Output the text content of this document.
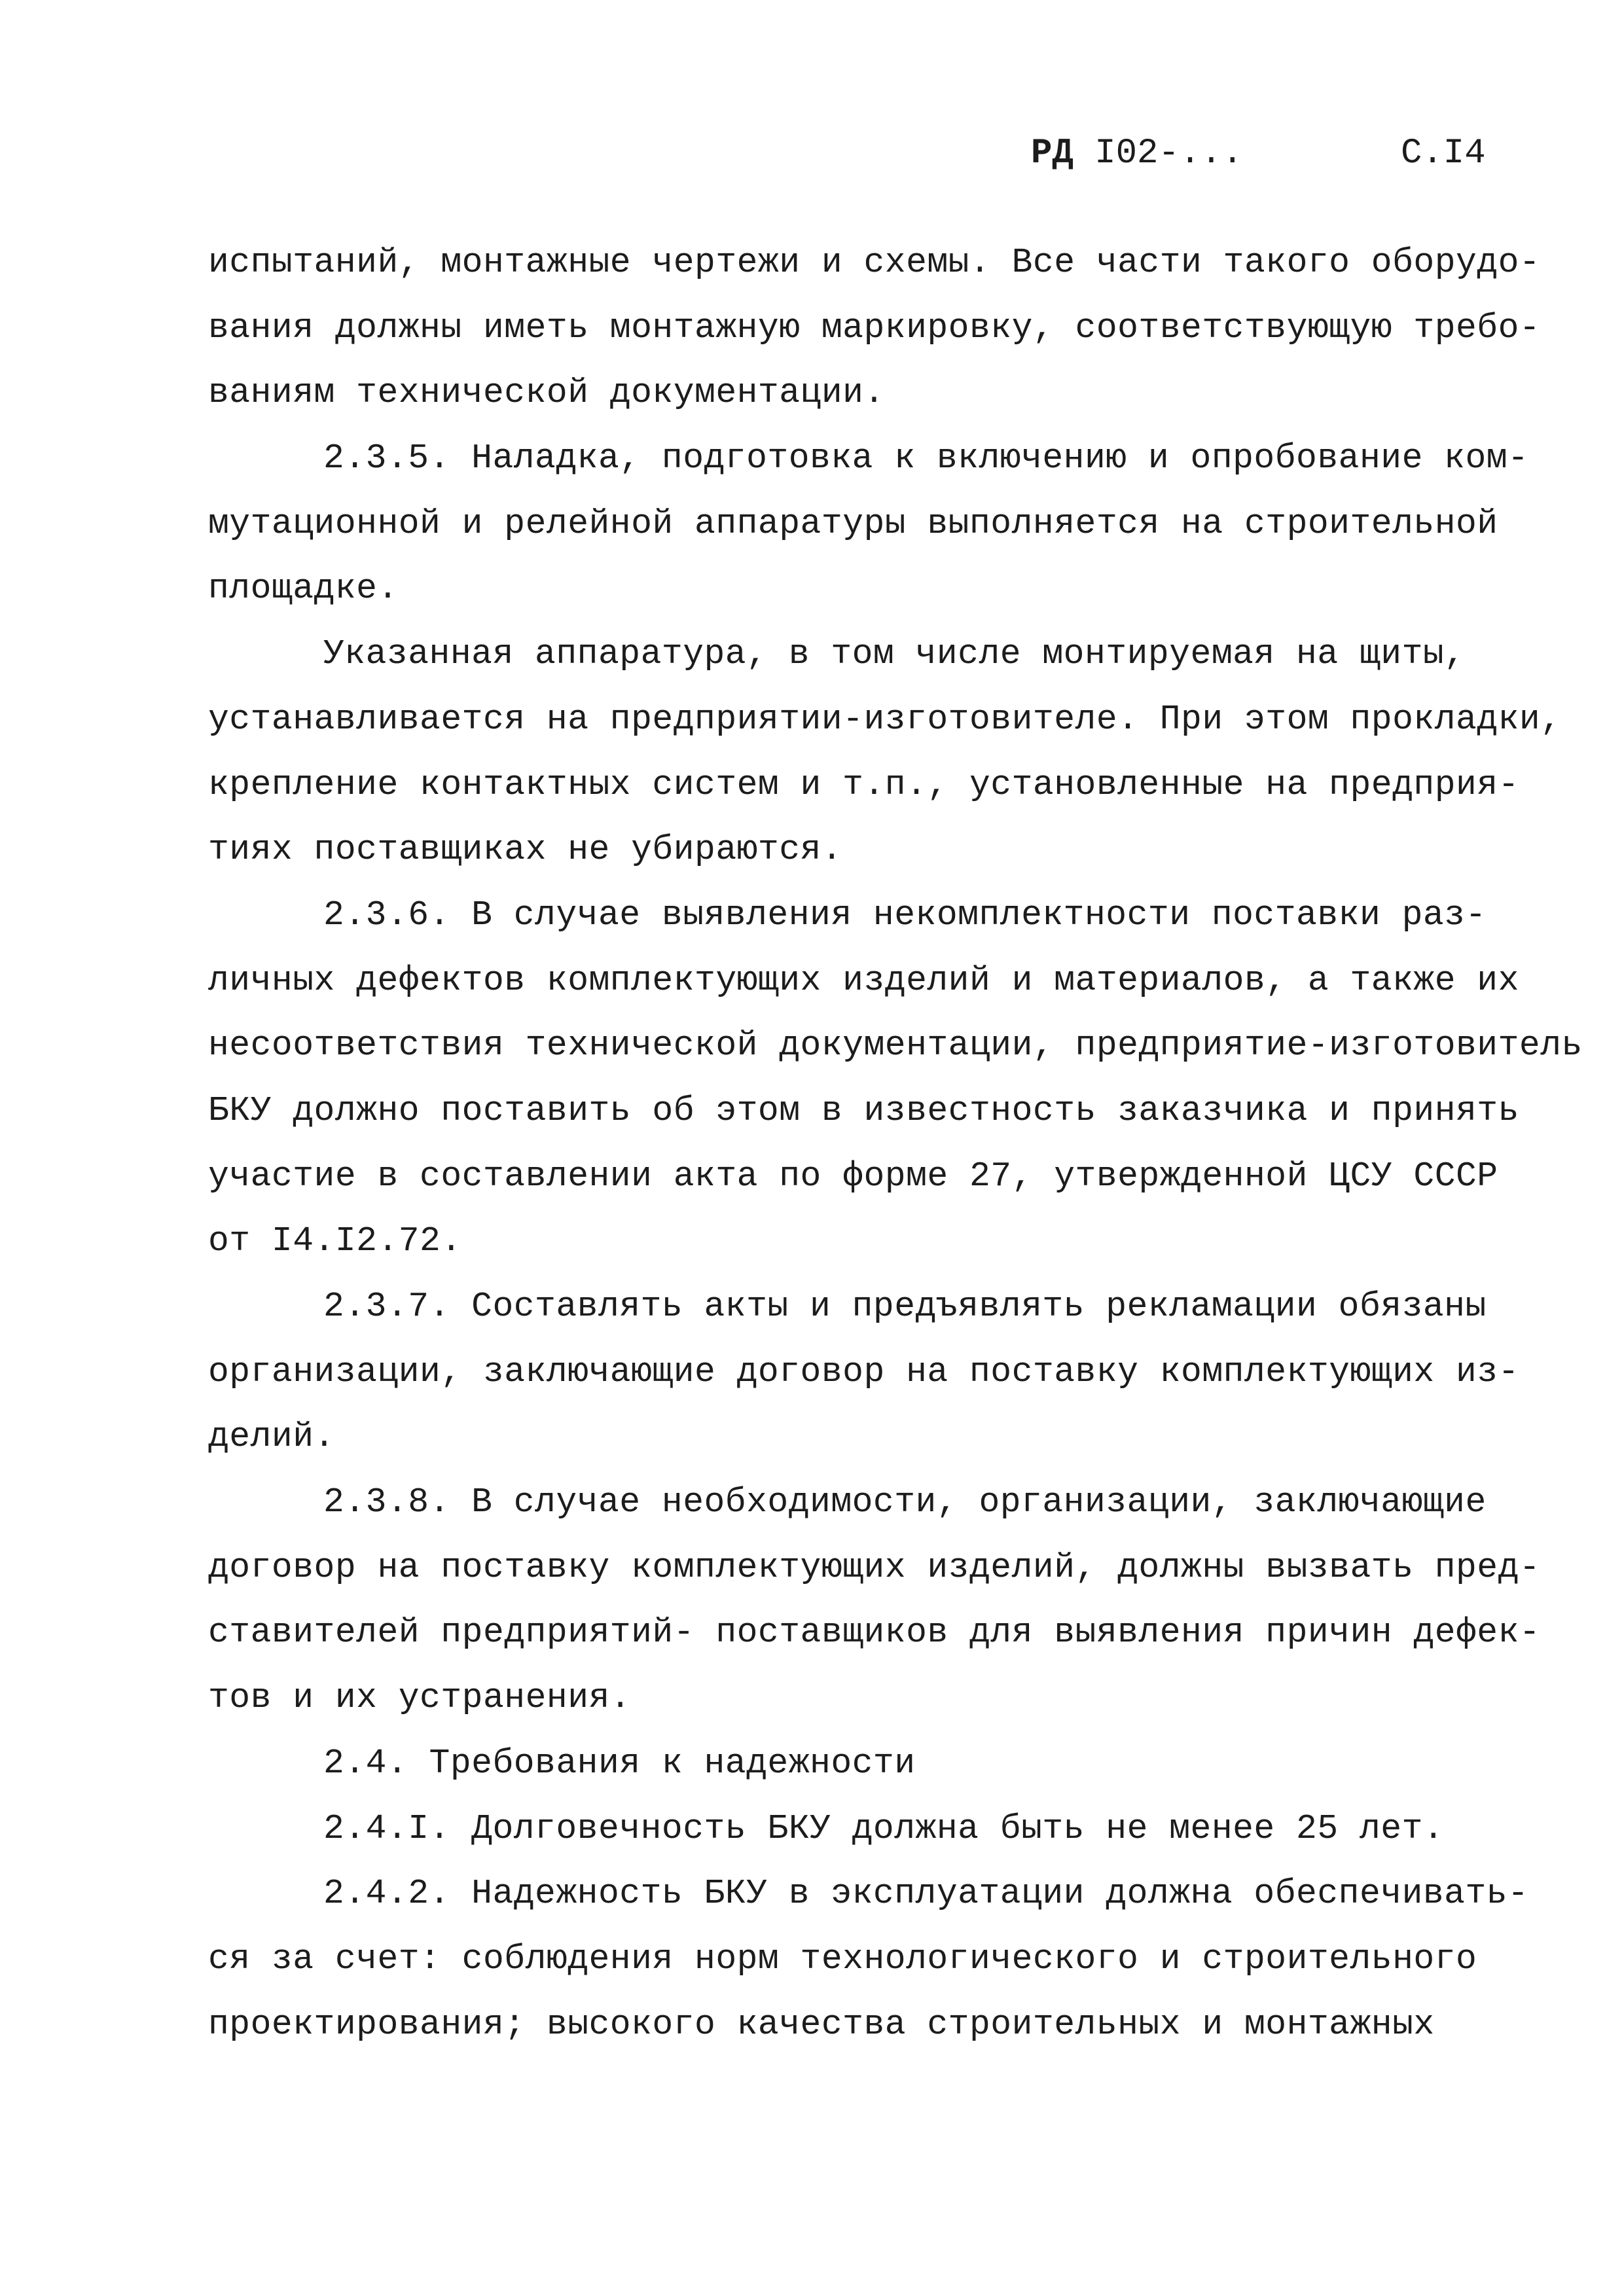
РД I02-...	С.I4
испытаний, монтажные чертежи и схемы. Все части такого оборудо-
вания должны иметь монтажную маркировку, соответствующую требо-
ваниям технической документации.
2.3.5. Наладка, подготовка к включению и опробование ком-
мутационной и релейной аппаратуры выполняется на строительной
площадке.
Указанная аппаратура, в том числе монтируемая на щиты,
устанавливается на предприятии-изготовителе. При этом прокладки,
крепление контактных систем и т.п., установленные на предприя-
тиях поставщиках не убираются.
2.3.6. В случае выявления некомплектности поставки раз-
личных дефектов комплектующих изделий и материалов, а также их
несоответствия технической документации, предприятие-изготовитель
БКУ должно поставить об этом в известность заказчика и принять
участие в составлении акта по форме 27, утвержденной ЦСУ СССР
от I4.I2.72.
2.3.7. Составлять акты и предъявлять рекламации обязаны
организации, заключающие договор на поставку комплектующих из-
делий.
2.3.8. В случае необходимости, организации, заключающие
договор на поставку комплектующих изделий, должны вызвать пред-
ставителей предприятий- поставщиков для выявления причин дефек-
тов и их устранения.
2.4. Требования к надежности
2.4.I. Долговечность БКУ должна быть не менее 25 лет.
2.4.2. Надежность БКУ в эксплуатации должна обеспечивать-
ся за счет: соблюдения норм технологического и строительного
проектирования; высокого качества строительных и монтажных
